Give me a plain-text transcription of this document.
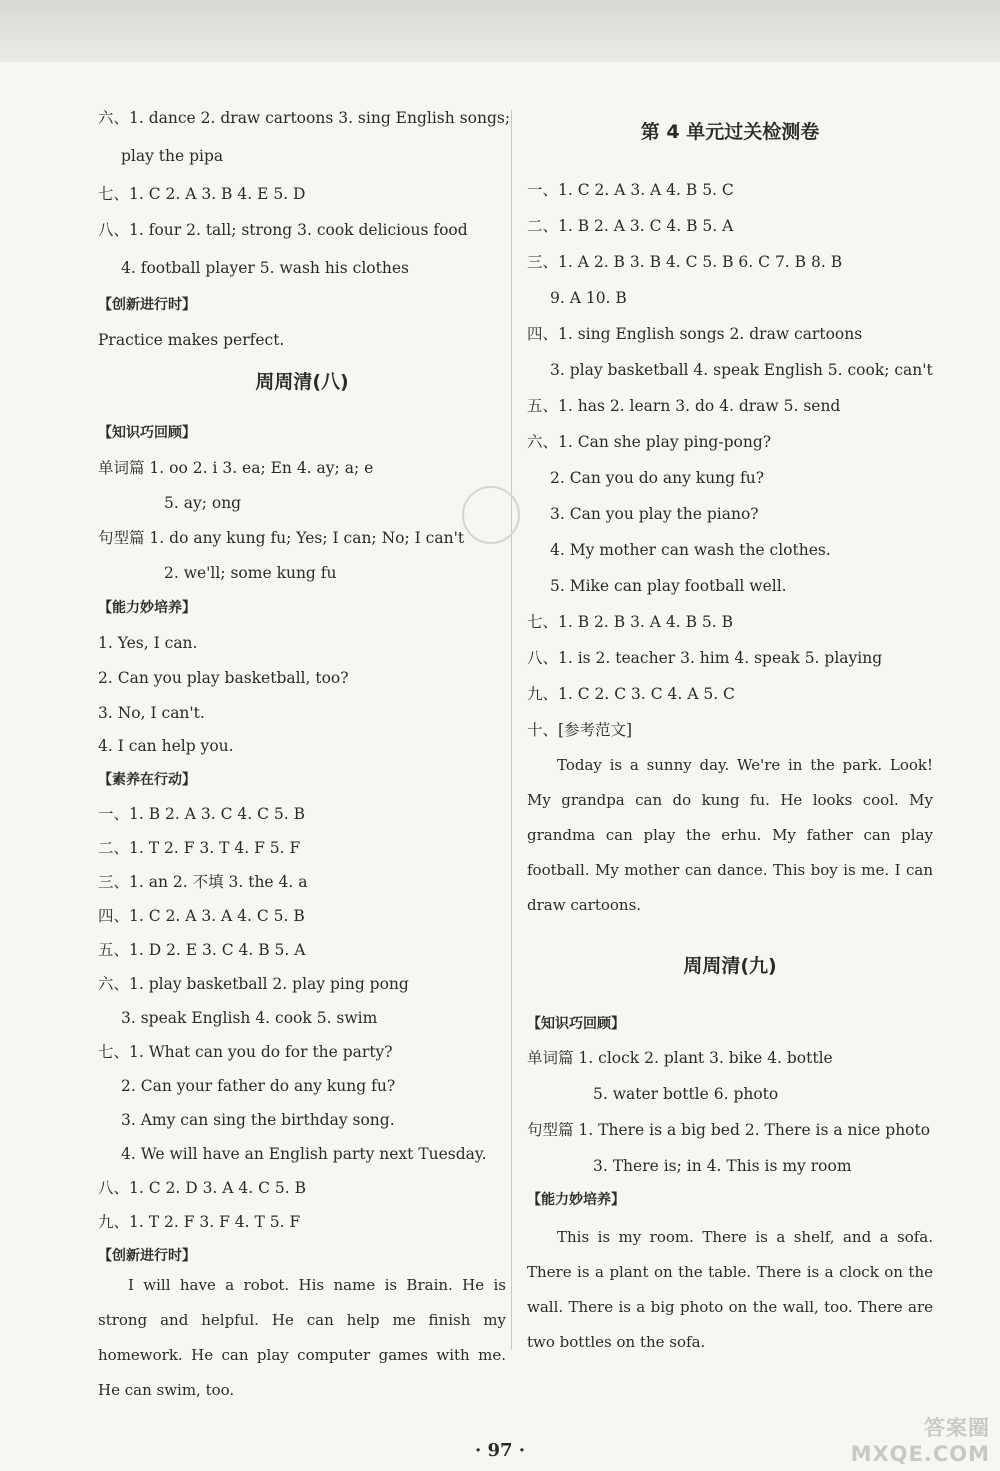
六、1. dance 2. draw cartoons 3. sing English songs;
play the pipa
七、1. C 2. A 3. B 4. E 5. D
八、1. four 2. tall; strong 3. cook delicious food
4. football player 5. wash his clothes
【创新进行时】
Practice makes perfect.
周周清(八)
【知识巧回顾】
单词篇 1. oo 2. i 3. ea; En 4. ay; a; e
5. ay; ong
句型篇 1. do any kung fu; Yes; I can; No; I can't
2. we'll; some kung fu
【能力妙培养】
1. Yes, I can.
2. Can you play basketball, too?
3. No, I can't.
4. I can help you.
【素养在行动】
一、1. B 2. A 3. C 4. C 5. B
二、1. T 2. F 3. T 4. F 5. F
三、1. an 2. 不填 3. the 4. a
四、1. C 2. A 3. A 4. C 5. B
五、1. D 2. E 3. C 4. B 5. A
六、1. play basketball 2. play ping pong
3. speak English 4. cook 5. swim
七、1. What can you do for the party?
2. Can your father do any kung fu?
3. Amy can sing the birthday song.
4. We will have an English party next Tuesday.
八、1. C 2. D 3. A 4. C 5. B
九、1. T 2. F 3. F 4. T 5. F
【创新进行时】
I will have a robot. His name is Brain. He is strong and helpful. He can help me finish my homework. He can play computer games with me. He can swim, too.
第 4 单元过关检测卷
一、1. C 2. A 3. A 4. B 5. C
二、1. B 2. A 3. C 4. B 5. A
三、1. A 2. B 3. B 4. C 5. B 6. C 7. B 8. B
9. A 10. B
四、1. sing English songs 2. draw cartoons
3. play basketball 4. speak English 5. cook; can't
五、1. has 2. learn 3. do 4. draw 5. send
六、1. Can she play ping-pong?
2. Can you do any kung fu?
3. Can you play the piano?
4. My mother can wash the clothes.
5. Mike can play football well.
七、1. B 2. B 3. A 4. B 5. B
八、1. is 2. teacher 3. him 4. speak 5. playing
九、1. C 2. C 3. C 4. A 5. C
十、[参考范文]
Today is a sunny day. We're in the park. Look! My grandpa can do kung fu. He looks cool. My grandma can play the erhu. My father can play football. My mother can dance. This boy is me. I can draw cartoons.
周周清(九)
【知识巧回顾】
单词篇 1. clock 2. plant 3. bike 4. bottle
5. water bottle 6. photo
句型篇 1. There is a big bed 2. There is a nice photo
3. There is; in 4. This is my room
【能力妙培养】
This is my room. There is a shelf, and a sofa. There is a plant on the table. There is a clock on the wall. There is a big photo on the wall, too. There are two bottles on the sofa.
· 97 ·
答案圈 MXQE.COM
